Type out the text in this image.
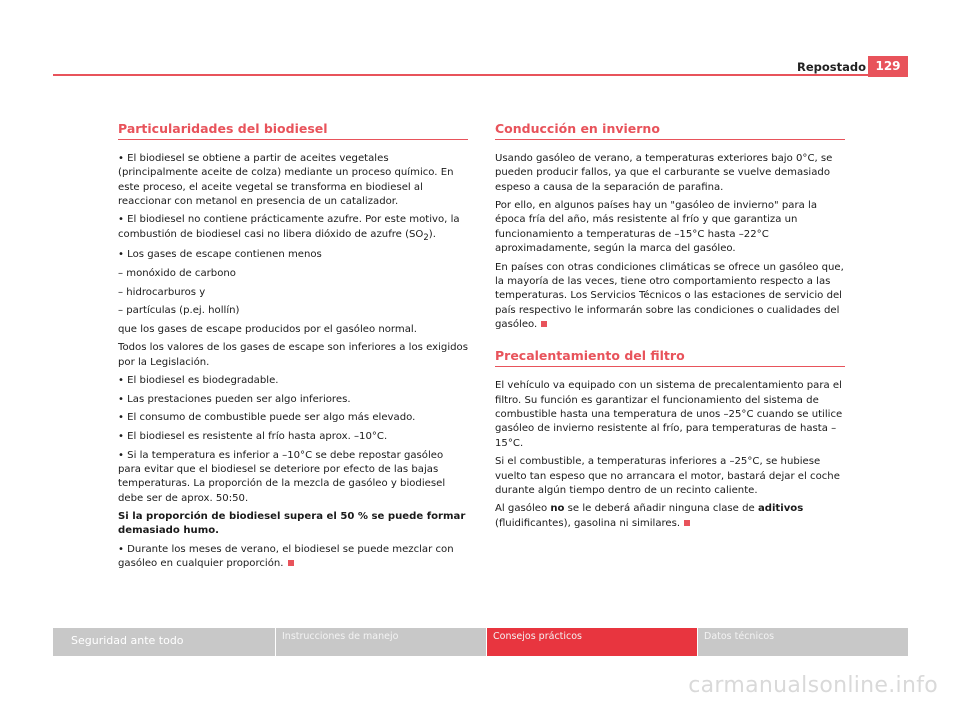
Repostado 129
Particularidades del biodiesel

• El biodiesel se obtiene a partir de aceites vegetales (principalmente aceite de colza) mediante un proceso químico. En este proceso, el aceite vegetal se transforma en biodiesel al reaccionar con metanol en presencia de un catalizador.

• El biodiesel no contiene prácticamente azufre. Por este motivo, la combustión de biodiesel casi no libera dióxido de azufre $(SO_2)$.

• Los gases de escape contienen menos

– monóxido de carbono

– hidrocarburos y

– partículas (p.ej. hollín)

que los gases de escape producidos por el gasóleo normal.

Todos los valores de los gases de escape son inferiores a los exigidos por la Legislación.

• El biodiesel es biodegradable.

• Las prestaciones pueden ser algo inferiores.

• El consumo de combustible puede ser algo más elevado.

• El biodiesel es resistente al frío hasta aprox. –10°C.

• Si la temperatura es inferior a –10°C se debe repostar gasóleo para evitar que el biodiesel se deteriore por efecto de las bajas temperaturas. La proporción de la mezcla de gasóleo y biodiesel debe ser de aprox. 50:50.

Si la proporción de biodiesel supera el 50 % se puede formar demasiado humo.

• Durante los meses de verano, el biodiesel se puede mezclar con gasóleo en cualquier proporción.

Conducción en invierno

Usando gasóleo de verano, a temperaturas exteriores bajo 0°C, se pueden producir fallos, ya que el carburante se vuelve demasiado espeso a causa de la separación de parafina.

Por ello, en algunos países hay un "gasóleo de invierno" para la época fría del año, más resistente al frío y que garantiza un funcionamiento a temperaturas de –15°C hasta –22°C aproximadamente, según la marca del gasóleo.

En países con otras condiciones climáticas se ofrece un gasóleo que, la mayoría de las veces, tiene otro comportamiento respecto a las temperaturas. Los Servicios Técnicos o las estaciones de servicio del país respectivo le informarán sobre las condiciones o cualidades del gasóleo.

Precalentamiento del filtro

El vehículo va equipado con un sistema de precalentamiento para el filtro. Su función es garantizar el funcionamiento del sistema de combustible hasta una temperatura de unos –25°C cuando se utilice gasóleo de invierno resistente al frío, para temperaturas de hasta –15°C.

Si el combustible, a temperaturas inferiores a –25°C, se hubiese vuelto tan espeso que no arrancara el motor, bastará dejar el coche durante algún tiempo dentro de un recinto caliente.

Al gasóleo no se le deberá añadir ninguna clase de aditivos
(fluidificantes), gasolina ni similares.

Seguridad ante todo	Instrucciones de manejo	Consejos prácticos	Datos técnicos
carmanualsonline.info
